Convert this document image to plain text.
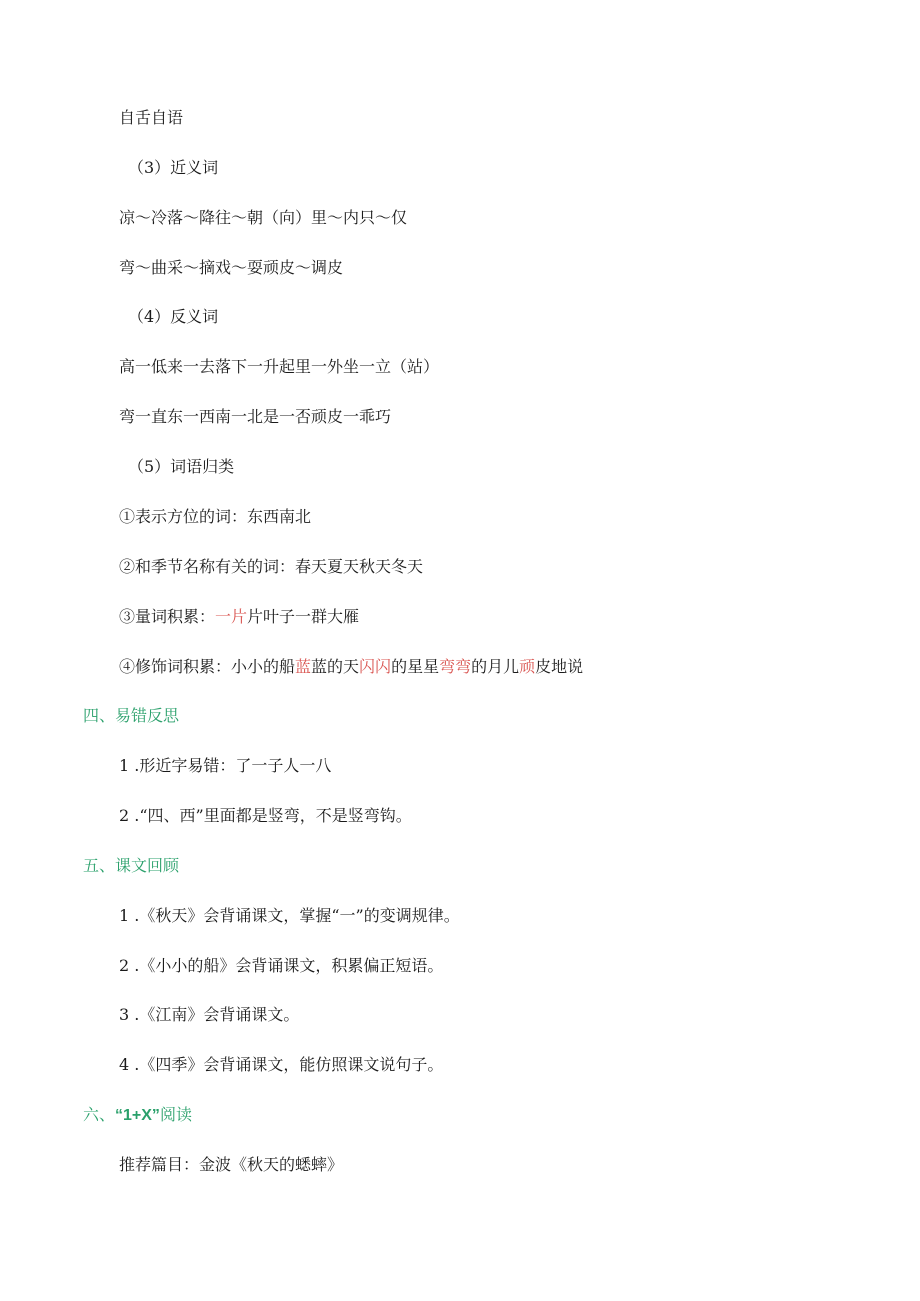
自舌自语
（3）近义词
凉～冷落～降往～朝（向）里～内只～仅
弯～曲采～摘戏～耍顽皮～调皮
（4）反义词
高一低来一去落下一升起里一外坐一立（站）
弯一直东一西南一北是一否顽皮一乖巧
（5）词语归类
①表示方位的词：东西南北
②和季节名称有关的词：春天夏天秋天冬天
③量词积累：一片片叶子一群大雁
④修饰词积累：小小的船蓝蓝的天闪闪的星星弯弯的月儿顽皮地说
四、易错反思
1 .形近字易错：了一子人一八
2 .“四、西”里面都是竖弯，不是竖弯钩。
五、课文回顾
1 .《秋天》会背诵课文，掌握“一”的变调规律。
2 .《小小的船》会背诵课文，积累偏正短语。
3 .《江南》会背诵课文。
4 .《四季》会背诵课文，能仿照课文说句子。
六、“1+X”阅读
推荐篇目：金波《秋天的蟋蟀》
